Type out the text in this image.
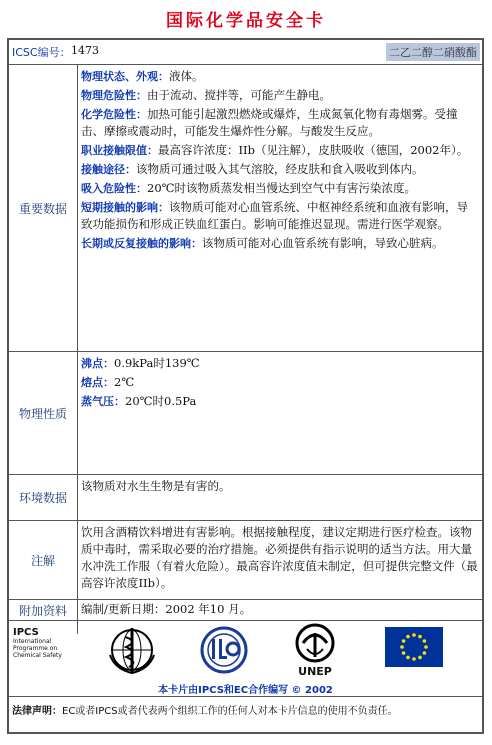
国际化学品安全卡
ICSC编号： 1473	二乙二醇二硝酸酯
重要数据

物理状态、外观：液体。

物理危险性：由于流动、搅拌等，可能产生静电。

化学危险性：加热可能引起激烈燃烧或爆炸，生成氮氧化物有毒烟雾。受撞击、摩擦或震动时，可能发生爆炸性分解。与酸发生反应。

职业接触限值：最高容许浓度：IIb（见注解），皮肤吸收（德国，2002年）。

接触途径：该物质可通过吸入其气溶胶，经皮肤和食入吸收到体内。

吸入危险性：20℃时该物质蒸发相当慢达到空气中有害污染浓度。

短期接触的影响：该物质可能对心血管系统、中枢神经系统和血液有影响，导致功能损伤和形成正铁血红蛋白。影响可能推迟显现。需进行医学观察。

长期或反复接触的影响：该物质可能对心血管系统有影响，导致心脏病。

物理性质

沸点：0.9kPa时139℃

熔点：2℃

蒸气压：20℃时0.5Pa

环境数据
该物质对水生生物是有害的。
注解
饮用含酒精饮料增进有害影响。根据接触程度，建议定期进行医疗检查。该物质中毒时，需采取必要的治疗措施。必须提供有指示说明的适当方法。用大量水冲洗工作服（有着火危险）。最高容许浓度值未制定，但可提供完整文件（最高容许浓度IIb）。
附加资料	编制/更新日期：2002 年10 月。
IPCS
International
Programme on
Chemical Safety
UNEP
本卡片由IPCS和EC合作编写 © 2002
法律声明：EC或者IPCS或者代表两个组织工作的任何人对本卡片信息的使用不负责任。
